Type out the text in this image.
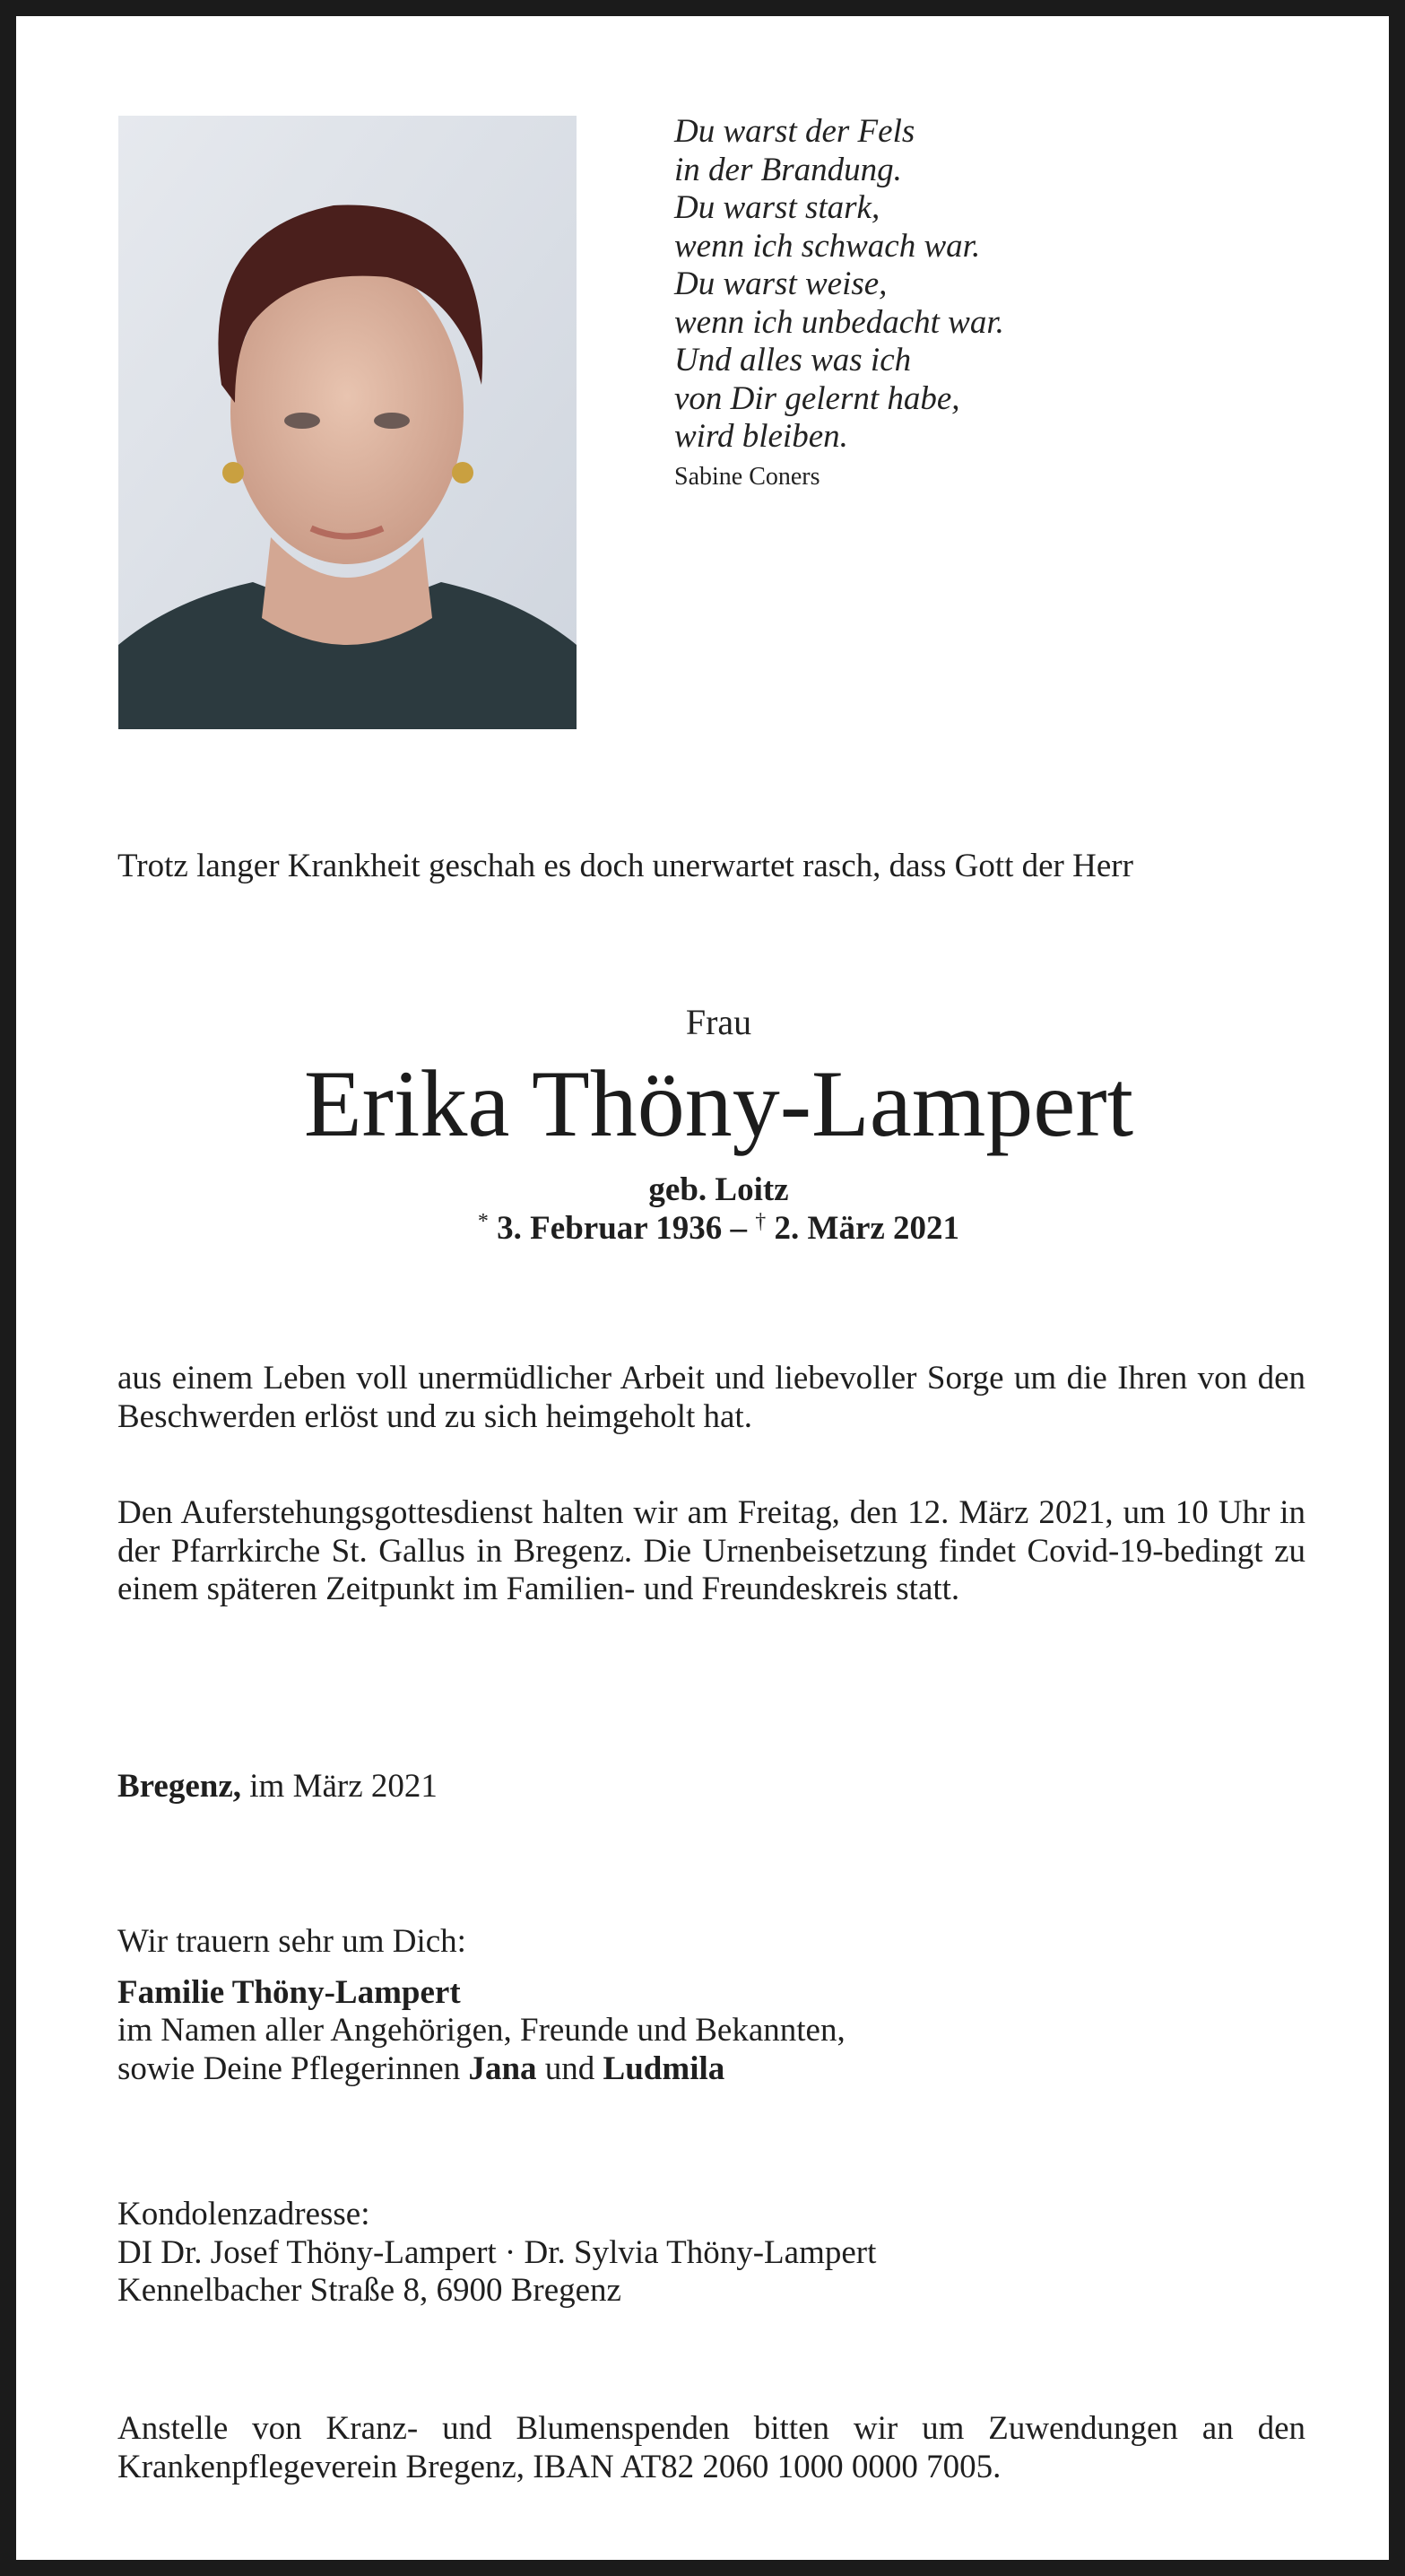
Du warst der Fels
in der Brandung.
Du warst stark,
wenn ich schwach war.
Du warst weise,
wenn ich unbedacht war.
Und alles was ich
von Dir gelernt habe,
wird bleiben.
Sabine Coners
Trotz langer Krankheit geschah es doch unerwartet rasch, dass Gott der Herr
Frau
Erika Thöny-Lampert
geb. Loitz
* 3. Februar 1936 – † 2. März 2021
aus einem Leben voll unermüdlicher Arbeit und liebevoller Sorge um die Ihren von den Beschwerden erlöst und zu sich heimgeholt hat.
Den Auferstehungsgottesdienst halten wir am Freitag, den 12. März 2021, um 10 Uhr in der Pfarrkirche St. Gallus in Bregenz. Die Urnenbeisetzung findet Covid-19-bedingt zu einem späteren Zeitpunkt im Familien- und Freundeskreis statt.
Bregenz, im März 2021
Wir trauern sehr um Dich:
Familie Thöny-Lampert
im Namen aller Angehörigen, Freunde und Bekannten,
sowie Deine Pflegerinnen Jana und Ludmila
Kondolenzadresse:
DI Dr. Josef Thöny-Lampert · Dr. Sylvia Thöny-Lampert
Kennelbacher Straße 8, 6900 Bregenz
Anstelle von Kranz- und Blumenspenden bitten wir um Zuwendungen an den Krankenpflegeverein Bregenz, IBAN AT82 2060 1000 0000 7005.
